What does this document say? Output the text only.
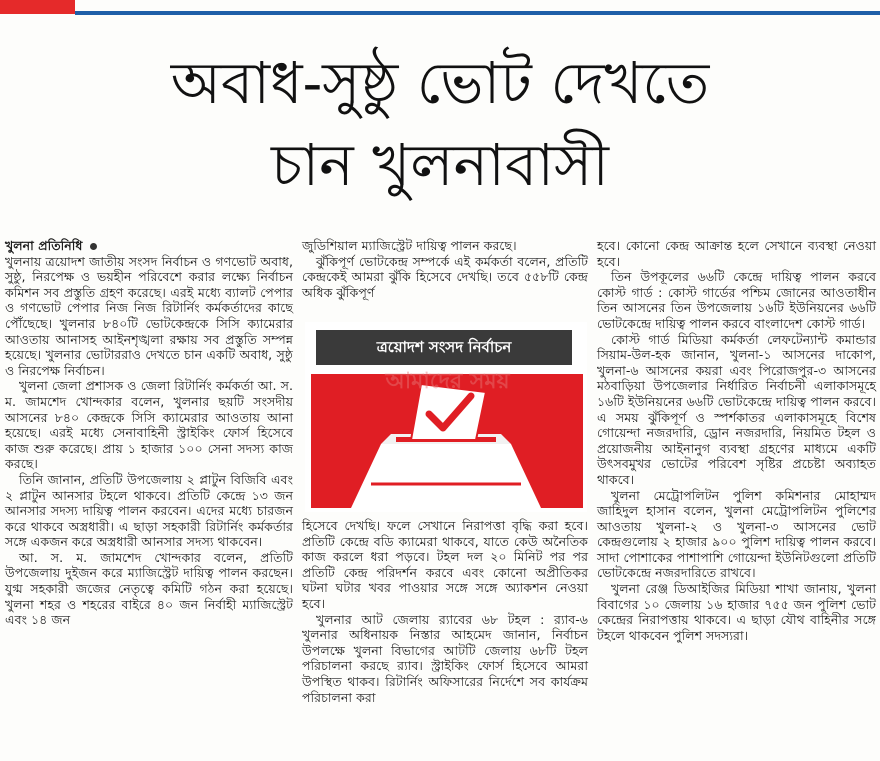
অবাধ-সুষ্ঠু ভোট দেখতে
চান খুলনাবাসী
খুলনা প্রতিনিধি

খুলনায় ত্রয়োদশ জাতীয় সংসদ নির্বাচন ও গণভোট অবাধ, সুষ্ঠু, নিরপেক্ষ ও ভয়হীন পরিবেশে করার লক্ষ্যে নির্বাচন কমিশন সব প্রস্তুতি গ্রহণ করেছে। এরই মধ্যে ব্যালট পেপার ও গণভোট পেপার নিজ নিজ রিটার্নিং কর্মকর্তাদের কাছে পৌঁছেছে। খুলনার ৮৪০টি ভোটকেন্দ্রকে সিসি ক্যামেরার আওতায় আনাসহ আইনশৃঙ্খলা রক্ষায় সব প্রস্তুতি সম্পন্ন হয়েছে। খুলনার ভোটাররাও দেখতে চান একটি অবাধ, সুষ্ঠু ও নিরপেক্ষ নির্বাচন।

খুলনা জেলা প্রশাসক ও জেলা রিটার্নিং কর্মকর্তা আ. স. ম. জামশেদ খোন্দকার বলেন, খুলনার ছয়টি সংসদীয় আসনের ৮৪০ কেন্দ্রকে সিসি ক্যামেরার আওতায় আনা হয়েছে। এরই মধ্যে সেনাবাহিনী স্ট্রাইকিং ফোর্স হিসেবে কাজ শুরু করেছে। প্রায় ১ হাজার ১০০ সেনা সদস্য কাজ করছে।

তিনি জানান, প্রতিটি উপজেলায় ২ প্লাটুন বিজিবি এবং ২ প্লাটুন আনসার টহলে থাকবে। প্রতিটি কেন্দ্রে ১৩ জন আনসার সদস্য দায়িত্ব পালন করবেন। এদের মধ্যে চারজন করে থাকবে অস্ত্রধারী। এ ছাড়া সহকারী রিটার্নিং কর্মকর্তার সঙ্গে একজন করে অস্ত্রধারী আনসার সদস্য থাকবেন।

আ. স. ম. জামশেদ খোন্দকার বলেন, প্রতিটি উপজেলায় দুইজন করে ম্যাজিস্ট্রেট দায়িত্ব পালন করছেন। যুগ্ম সহকারী জজের নেতৃত্বে কমিটি গঠন করা হয়েছে। খুলনা শহর ও শহরের বাইরে ৪০ জন নির্বাহী ম্যাজিস্ট্রেট এবং ১৪ জন

জুডিশিয়াল ম্যাজিস্ট্রেট দায়িত্ব পালন করছে।

ঝুঁকিপূর্ণ ভোটকেন্দ্র সম্পর্কে এই কর্মকর্তা বলেন, প্রতিটি কেন্দ্রকেই আমরা ঝুঁকি হিসেবে দেখছি। তবে ৫৫৮টি কেন্দ্র অধিক ঝুঁকিপূর্ণ

ত্রয়োদশ সংসদ নির্বাচন
আমাদের সময়

হিসেবে দেখছি। ফলে সেখানে নিরাপত্তা বৃদ্ধি করা হবে। প্রতিটি কেন্দ্রে বডি ক্যামেরা থাকবে, যাতে কেউ অনৈতিক কাজ করলে ধরা পড়বে। টহল দল ২০ মিনিট পর পর প্রতিটি কেন্দ্র পরিদর্শন করবে এবং কোনো অপ্রীতিকর ঘটনা ঘটার খবর পাওয়ার সঙ্গে সঙ্গে অ্যাকশন নেওয়া হবে।

খুলনার আট জেলায় র‌্যাবের ৬৮ টহল : র‌্যাব-৬ খুলনার অধিনায়ক নিস্তার আহমেদ জানান, নির্বাচন উপলক্ষে খুলনা বিভাগের আটটি জেলায় ৬৮টি টহল পরিচালনা করছে র‌্যাব। স্ট্রাইকিং ফোর্স হিসেবে আমরা উপস্থিত থাকব। রিটার্নিং অফিসারের নির্দেশে সব কার্যক্রম পরিচালনা করা

হবে। কোনো কেন্দ্র আক্রান্ত হলে সেখানে ব্যবস্থা নেওয়া হবে।

তিন উপকূলের ৬৬টি কেন্দ্রে দায়িত্ব পালন করবে কোস্ট গার্ড : কোস্ট গার্ডের পশ্চিম জোনের আওতাধীন তিন আসনের তিন উপজেলায় ১৬টি ইউনিয়নের ৬৬টি ভোটকেন্দ্রে দায়িত্ব পালন করবে বাংলাদেশ কোস্ট গার্ড।

কোস্ট গার্ড মিডিয়া কর্মকর্তা লেফটেন্যান্ট কমান্ডার সিয়াম-উল-হক জানান, খুলনা-১ আসনের দাকোপ, খুলনা-৬ আসনের কয়রা এবং পিরোজপুর-৩ আসনের মঠবাড়িয়া উপজেলার নির্ধারিত নির্বাচনী এলাকাসমূহে ১৬টি ইউনিয়নের ৬৬টি ভোটকেন্দ্রে দায়িত্ব পালন করবে। এ সময় ঝুঁকিপূর্ণ ও স্পর্শকাতর এলাকাসমূহে বিশেষ গোয়েন্দা নজরদারি, ড্রোন নজরদারি, নিয়মিত টহল ও প্রয়োজনীয় আইনানুগ ব্যবস্থা গ্রহণের মাধ্যমে একটি উৎসবমুখর ভোটের পরিবেশ সৃষ্টির প্রচেষ্টা অব্যাহত থাকবে।

খুলনা মেট্রোপলিটন পুলিশ কমিশনার মোহাম্মদ জাহিদুল হাসান বলেন, খুলনা মেট্রোপলিটন পুলিশের আওতায় খুলনা-২ ও খুলনা-৩ আসনের ভোট কেন্দ্রগুলোয় ২ হাজার ৯০০ পুলিশ দায়িত্ব পালন করবে। সাদা পোশাকের পাশাপাশি গোয়েন্দা ইউনিটগুলো প্রতিটি ভোটকেন্দ্রে নজরদারিতে রাখবে।

খুলনা রেঞ্জ ডিআইজির মিডিয়া শাখা জানায়, খুলনা বিবাগের ১০ জেলায় ১৬ হাজার ৭৫৫ জন পুলিশ ভোট কেন্দ্রের নিরাপত্তায় থাকবে। এ ছাড়া যৌথ বাহিনীর সঙ্গে টহলে থাকবেন পুলিশ সদস্যরা।
